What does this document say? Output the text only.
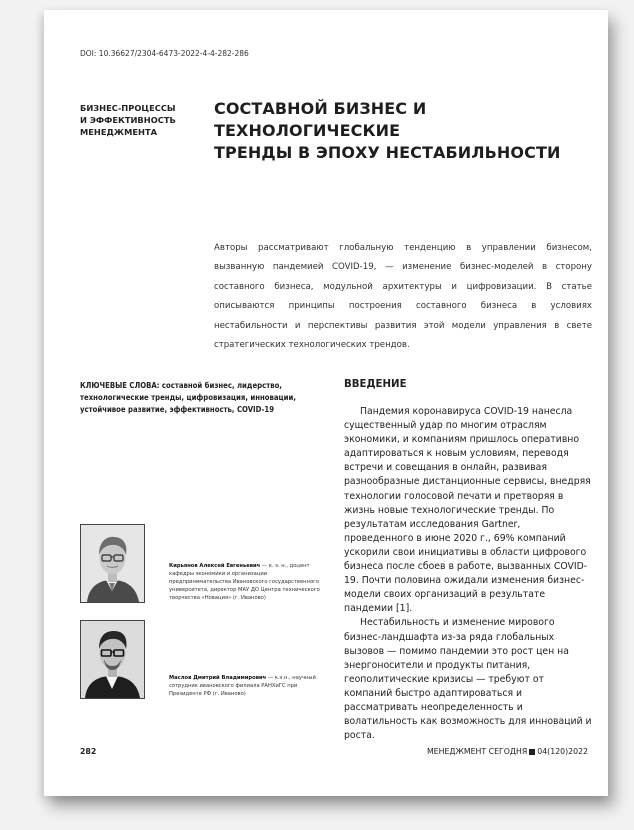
DOI: 10.36627/2304-6473-2022-4-4-282-286
БИЗНЕС-ПРОЦЕССЫ
И ЭФФЕКТИВНОСТЬ
МЕНЕДЖМЕНТА
СОСТАВНОЙ БИЗНЕС И ТЕХНОЛОГИЧЕСКИЕ
ТРЕНДЫ В ЭПОХУ НЕСТАБИЛЬНОСТИ
Авторы рассматривают глобальную тенденцию в управлении бизнесом, вызванную пандемией COVID-19, — изменение бизнес-моделей в сторону составного бизнеса, модульной архитектуры и цифровизации. В статье описываются принципы построения составного бизнеса в условиях нестабильности и перспективы развития этой модели управления в свете стратегических технологических трендов.
КЛЮЧЕВЫЕ СЛОВА: составной бизнес, лидерство, технологические тренды, цифровизация, инновации, устойчивое развитие, эффективность, COVID-19
ВВЕДЕНИЕ

Пандемия коронавируса COVID-19 нанесла существенный удар по многим отраслям экономики, и компаниям пришлось оперативно адаптироваться к новым условиям, переводя встречи и совещания в онлайн, развивая разнообразные дистанционные сервисы, внедряя технологии голосовой печати и претворяя в жизнь новые технологические тренды. По результатам исследования Gartner, проведенного в июне 2020 г., 69% компаний ускорили свои инициативы в области цифрового бизнеса после сбоев в работе, вызванных COVID-19. Почти половина ожидали изменения бизнес-модели своих организаций в результате пандемии [1].

Нестабильность и изменение мирового бизнес-ландшафта из-за ряда глобальных вызовов — помимо пандемии это рост цен на энергоносители и продукты питания, геополитические кризисы — требуют от компаний быстро адаптироваться и рассматривать неопределенность и волатильность как возможность для инноваций и роста.

Кирьянов Алексей Евгеньевич — к. э. н., доцент кафедры экономики и организации предпринимательства Ивановского государственного университета, директор МАУ ДО Центра технического творчества «Новация» (г. Иваново)
Маслов Дмитрий Владимирович — к.э.н., научный сотрудник ивановского филиала РАНХиГС при Президенте РФ (г. Иваново)
282	МЕНЕДЖМЕНТ СЕГОДНЯ 04(120)2022
